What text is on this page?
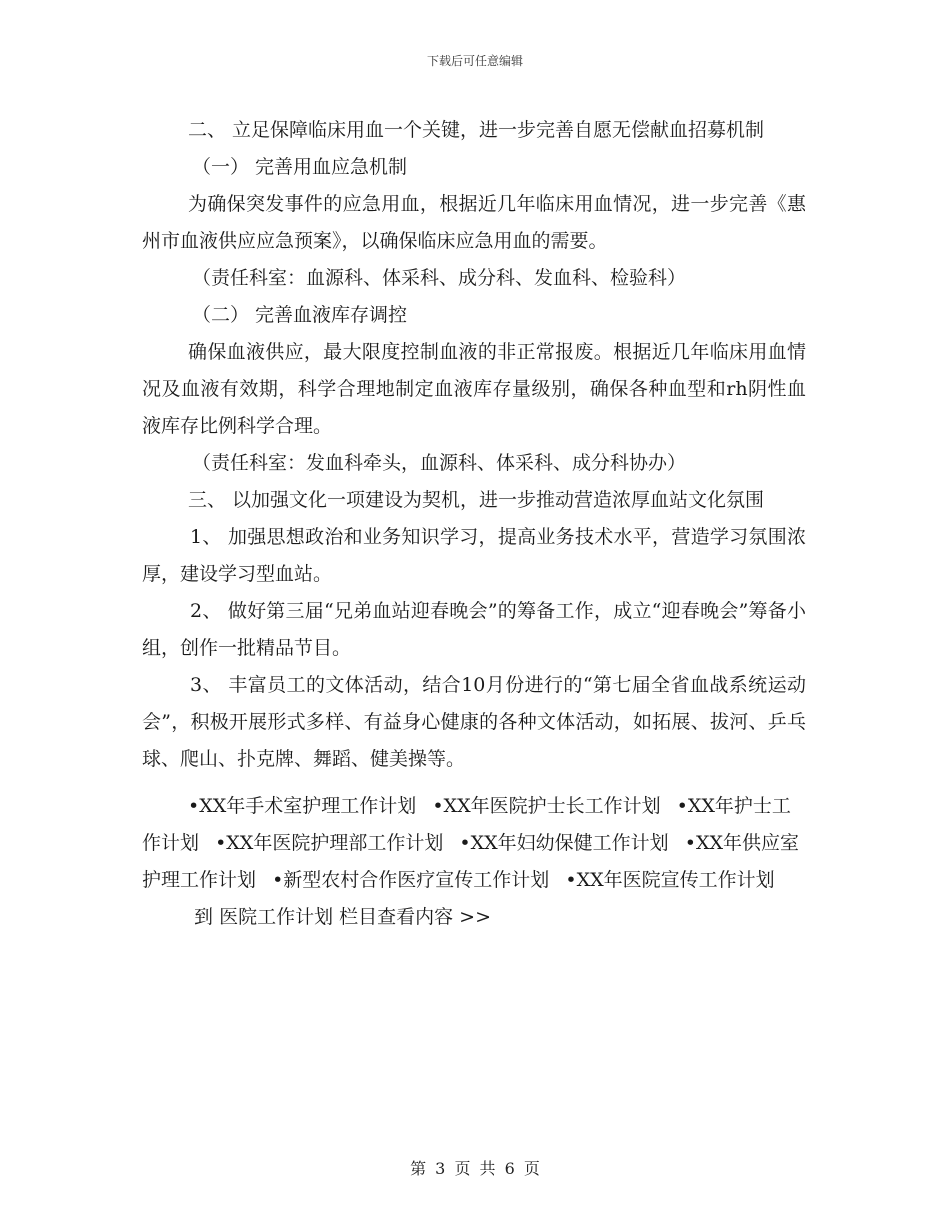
下载后可任意编辑

二、 立足保障临床用血一个关键，进一步完善自愿无偿献血招募机制

（一） 完善用血应急机制

为确保突发事件的应急用血，根据近几年临床用血情况，进一步完善《惠州市血液供应应急预案》，以确保临床应急用血的需要。

（责任科室：血源科、体采科、成分科、发血科、检验科）

（二） 完善血液库存调控

确保血液供应，最大限度控制血液的非正常报废。根据近几年临床用血情况及血液有效期，科学合理地制定血液库存量级别，确保各种血型和rh阴性血液库存比例科学合理。

（责任科室：发血科牵头，血源科、体采科、成分科协办）

三、 以加强文化一项建设为契机，进一步推动营造浓厚血站文化氛围

1、 加强思想政治和业务知识学习，提高业务技术水平，营造学习氛围浓厚，建设学习型血站。

2、 做好第三届“兄弟血站迎春晚会”的筹备工作，成立“迎春晚会”筹备小组，创作一批精品节目。

3、 丰富员工的文体活动，结合10月份进行的“第七届全省血战系统运动会”，积极开展形式多样、有益身心健康的各种文体活动，如拓展、拔河、乒乓球、爬山、扑克牌、舞蹈、健美操等。

•XX年手术室护理工作计划 •XX年医院护士长工作计划 •XX年护士工作计划 •XX年医院护理部工作计划 •XX年妇幼保健工作计划 •XX年供应室护理工作计划 •新型农村合作医疗宣传工作计划 •XX年医院宣传工作计划 到 医院工作计划 栏目查看内容 >>

第 3 页 共 6 页
